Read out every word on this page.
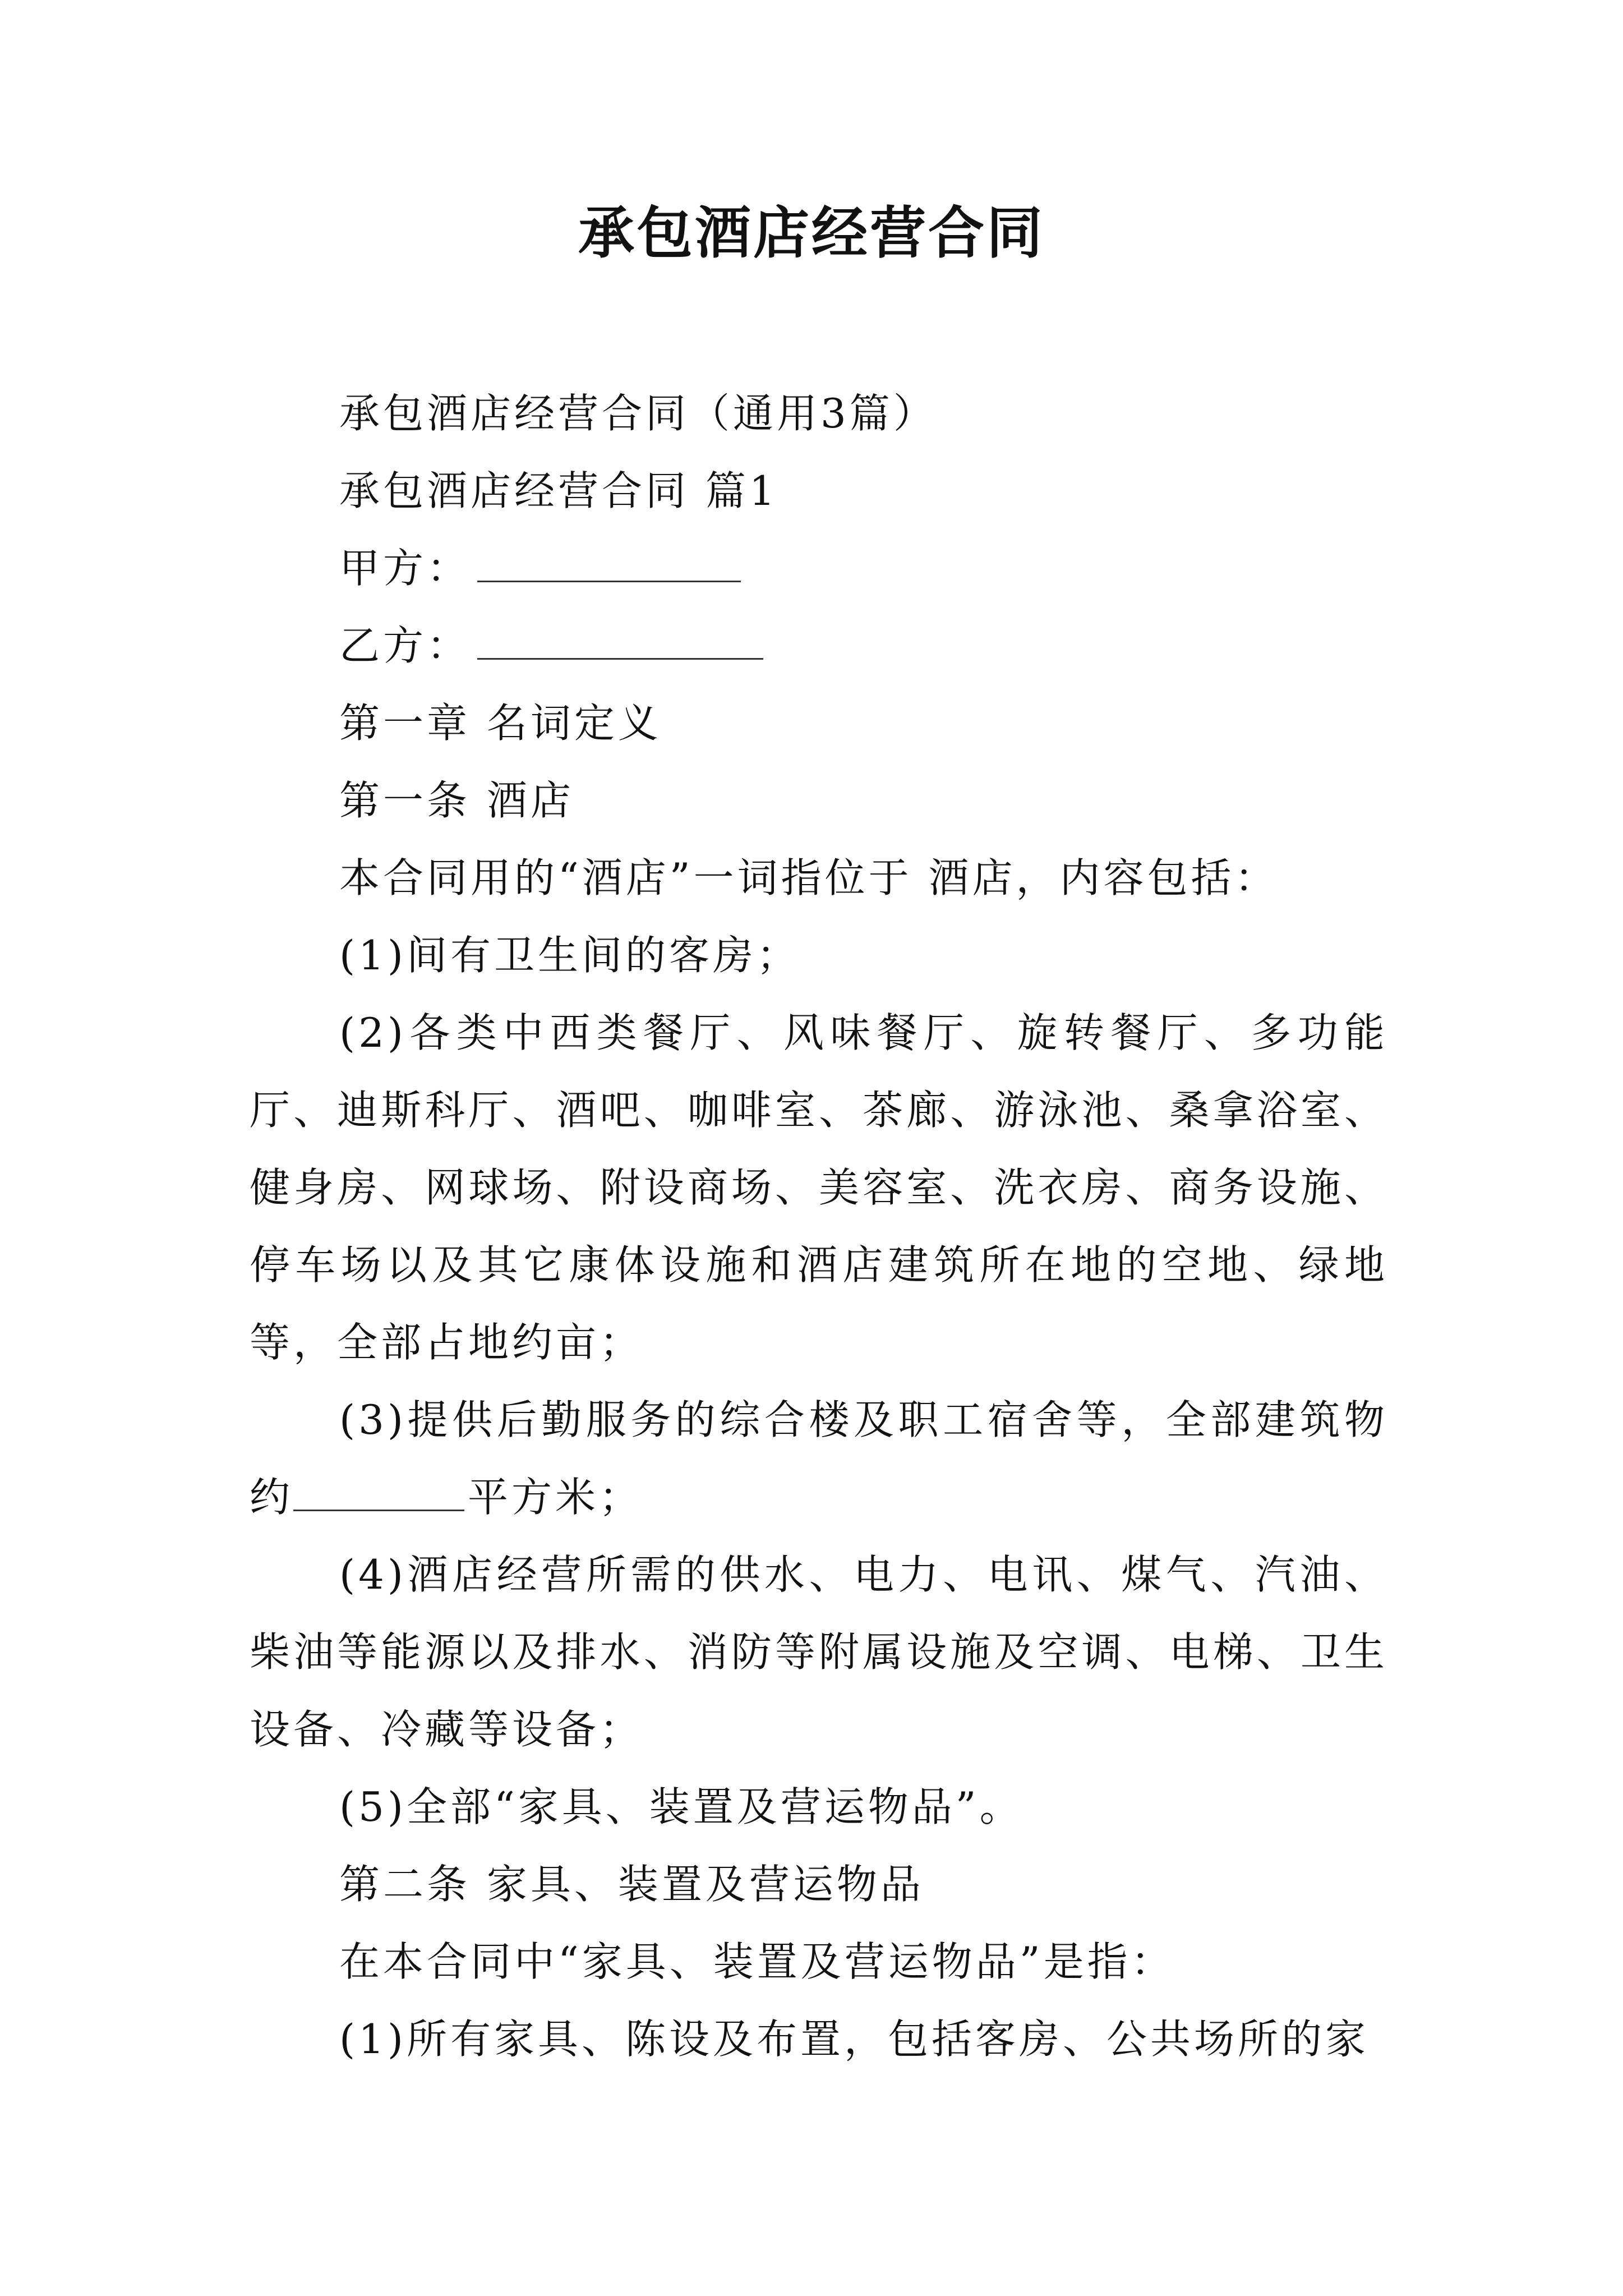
承包酒店经营合同

承包酒店经营合同（通用3篇）

承包酒店经营合同 篇1

甲方：

乙方：

第一章 名词定义

第一条 酒店

本合同用的“酒店”一词指位于 酒店，内容包括：

(1)间有卫生间的客房；

(2)各类中西类餐厅、风味餐厅、旋转餐厅、多功能厅、迪斯科厅、酒吧、咖啡室、茶廊、游泳池、桑拿浴室、健身房、网球场、附设商场、美容室、洗衣房、商务设施、停车场以及其它康体设施和酒店建筑所在地的空地、绿地等，全部占地约亩；

(3)提供后勤服务的综合楼及职工宿舍等，全部建筑物约	平方米；

(4)酒店经营所需的供水、电力、电讯、煤气、汽油、柴油等能源以及排水、消防等附属设施及空调、电梯、卫生设备、冷藏等设备；

(5)全部“家具、装置及营运物品”。

第二条 家具、装置及营运物品

在本合同中“家具、装置及营运物品”是指：

(1)所有家具、陈设及布置，包括客房、公共场所的家
